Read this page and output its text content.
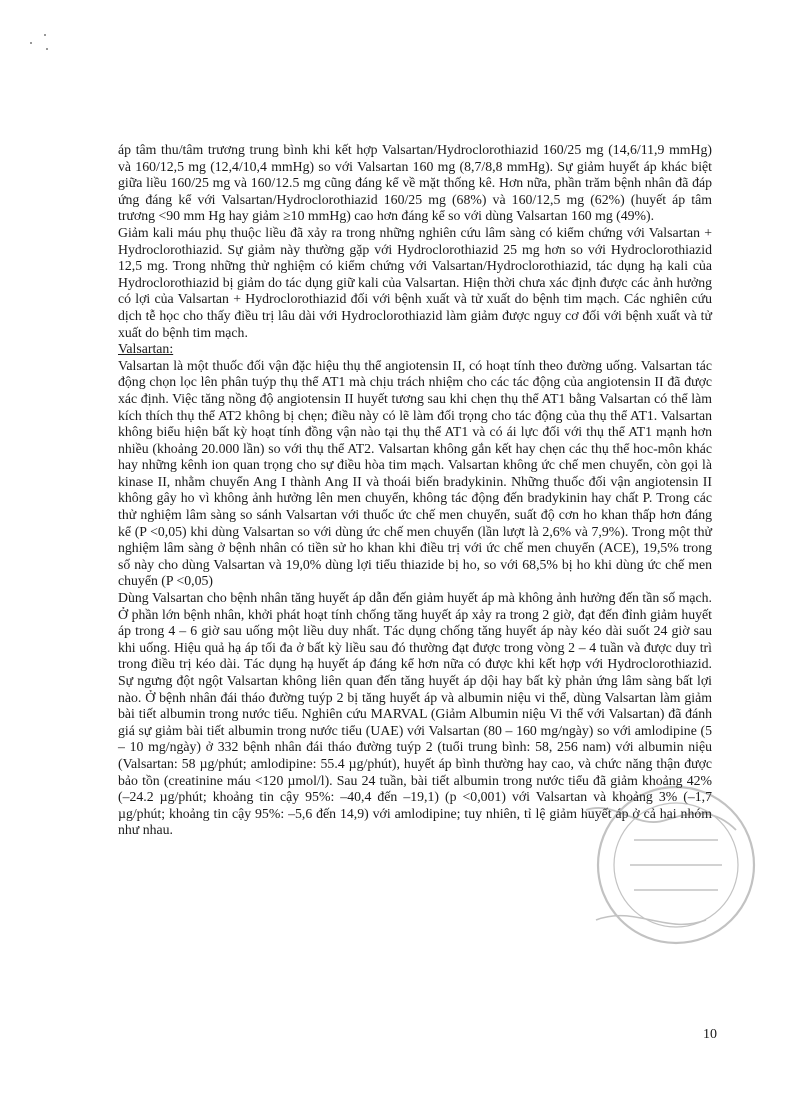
áp tâm thu/tâm trương trung bình khi kết hợp Valsartan/Hydroclorothiazid 160/25 mg (14,6/11,9 mmHg) và 160/12,5 mg (12,4/10,4 mmHg) so với Valsartan 160 mg (8,7/8,8 mmHg). Sự giảm huyết áp khác biệt giữa liều 160/25 mg và 160/12.5 mg cũng đáng kể về mặt thống kê. Hơn nữa, phần trăm bệnh nhân đã đáp ứng đáng kể với Valsartan/Hydroclorothiazid 160/25 mg (68%) và 160/12,5 mg (62%) (huyết áp tâm trương <90 mm Hg hay giảm ≥10 mmHg) cao hơn đáng kể so với dùng Valsartan 160 mg (49%).

Giảm kali máu phụ thuộc liều đã xảy ra trong những nghiên cứu lâm sàng có kiểm chứng với Valsartan + Hydroclorothiazid. Sự giảm này thường gặp với Hydroclorothiazid 25 mg hơn so với Hydroclorothiazid 12,5 mg. Trong những thử nghiệm có kiểm chứng với Valsartan/Hydroclorothiazid, tác dụng hạ kali của Hydroclorothiazid bị giảm do tác dụng giữ kali của Valsartan. Hiện thời chưa xác định được các ảnh hưởng có lợi của Valsartan + Hydroclorothiazid đối với bệnh xuất và tử xuất do bệnh tim mạch. Các nghiên cứu dịch tễ học cho thấy điều trị lâu dài với Hydroclorothiazid làm giảm được nguy cơ đối với bệnh xuất và tử xuất do bệnh tim mạch.

Valsartan:

Valsartan là một thuốc đối vận đặc hiệu thụ thể angiotensin II, có hoạt tính theo đường uống. Valsartan tác động chọn lọc lên phân tuýp thụ thể AT1 mà chịu trách nhiệm cho các tác động của angiotensin II đã được xác định. Việc tăng nồng độ angiotensin II huyết tương sau khi chẹn thụ thể AT1 bằng Valsartan có thể làm kích thích thụ thể AT2 không bị chẹn; điều này có lẽ làm đối trọng cho tác động của thụ thể AT1. Valsartan không biểu hiện bất kỳ hoạt tính đồng vận nào tại thụ thể AT1 và có ái lực đối với thụ thể AT1 mạnh hơn nhiều (khoảng 20.000 lần) so với thụ thể AT2. Valsartan không gắn kết hay chẹn các thụ thể hoc-môn khác hay những kênh ion quan trọng cho sự điều hòa tim mạch. Valsartan không ức chế men chuyển, còn gọi là kinase II, nhằm chuyển Ang I thành Ang II và thoái biến bradykinin. Những thuốc đối vận angiotensin II không gây ho vì không ảnh hưởng lên men chuyển, không tác động đến bradykinin hay chất P. Trong các thử nghiệm lâm sàng so sánh Valsartan với thuốc ức chế men chuyển, suất độ cơn ho khan thấp hơn đáng kể (P <0,05) khi dùng Valsartan so với dùng ức chế men chuyển (lần lượt là 2,6% và 7,9%). Trong một thử nghiệm lâm sàng ở bệnh nhân có tiền sử ho khan khi điều trị với ức chế men chuyển (ACE), 19,5% trong số này cho dùng Valsartan và 19,0% dùng lợi tiểu thiazide bị ho, so với 68,5% bị ho khi dùng ức chế men chuyển (P <0,05)

Dùng Valsartan cho bệnh nhân tăng huyết áp dẫn đến giảm huyết áp mà không ảnh hưởng đến tần số mạch. Ở phần lớn bệnh nhân, khởi phát hoạt tính chống tăng huyết áp xảy ra trong 2 giờ, đạt đến đỉnh giảm huyết áp trong 4 – 6 giờ sau uống một liều duy nhất. Tác dụng chống tăng huyết áp này kéo dài suốt 24 giờ sau khi uống. Hiệu quả hạ áp tối đa ở bất kỳ liều sau đó thường đạt được trong vòng 2 – 4 tuần và được duy trì trong điều trị kéo dài. Tác dụng hạ huyết áp đáng kể hơn nữa có được khi kết hợp với Hydroclorothiazid. Sự ngưng đột ngột Valsartan không liên quan đến tăng huyết áp dội hay bất kỳ phản ứng lâm sàng bất lợi nào. Ở bệnh nhân đái tháo đường tuýp 2 bị tăng huyết áp và albumin niệu vi thể, dùng Valsartan làm giảm bài tiết albumin trong nước tiểu. Nghiên cứu MARVAL (Giảm Albumin niệu Vi thể với Valsartan) đã đánh giá sự giảm bài tiết albumin trong nước tiểu (UAE) với Valsartan (80 – 160 mg/ngày) so với amlodipine (5 – 10 mg/ngày) ở 332 bệnh nhân đái tháo đường tuýp 2 (tuổi trung bình: 58, 256 nam) với albumin niệu (Valsartan: 58 µg/phút; amlodipine: 55.4 µg/phút), huyết áp bình thường hay cao, và chức năng thận được bảo tồn (creatinine máu <120 µmol/l). Sau 24 tuần, bài tiết albumin trong nước tiểu đã giảm khoảng 42% (–24.2 µg/phút; khoảng tin cậy 95%: –40,4 đến –19,1) (p <0,001) với Valsartan và khoảng 3% (–1,7 µg/phút; khoảng tin cậy 95%: –5,6 đến 14,9) với amlodipine; tuy nhiên, tỉ lệ giảm huyết áp ở cả hai nhóm như nhau.

10
